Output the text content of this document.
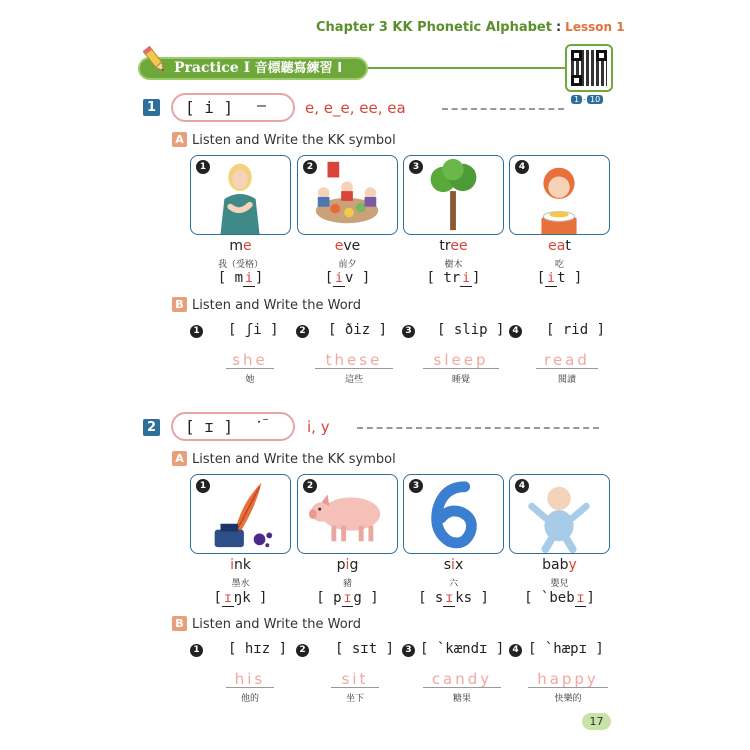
Chapter 3 KK Phonetic Alphabet : Lesson 1
Practice I 音標聽寫練習 I
1 - 10
1	[ i ] —	e, e_e, ee, ea
A Listen and Write the KK symbol
1	2	3	4
me	eve	tree	eat
我（受格）	前夕	樹木	吃
[ m i ]	[ i v ]	[ tr i ]	[ i t ]
B Listen and Write the Word
1 [ ʃi ]	2 [ ðiz ]	3 [ slip ] 4 [ rid ]
she	these	sleep	read
她	這些	睡覺	閱讀
2	[ ɪ ] ⸱⁻ i, y
A Listen and Write the KK symbol
1	2	3	4
ink	pig	six	baby
墨水	豬	六	嬰兒
[ ɪ ŋk ]	[ p ɪ g ]	[ s ɪ ks ]	[ `beb ɪ ]
B Listen and Write the Word
1 [ hɪz ]	2 [ sɪt ]	3 [ `kændɪ ] 4 [ `hæpɪ ]
his	sit	candy	happy
他的	坐下	糖果	快樂的
17
